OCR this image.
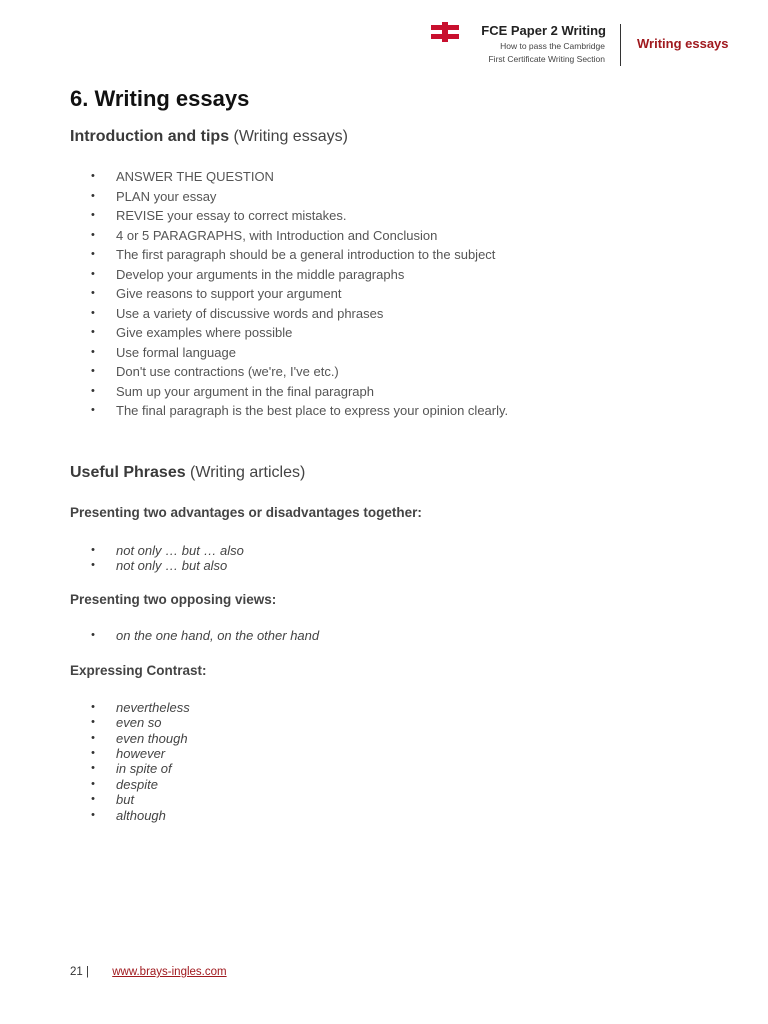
FCE Paper 2 Writing
How to pass the Cambridge
First Certificate Writing Section
Writing essays
6. Writing essays
Introduction and tips (Writing essays)
• ANSWER THE QUESTION
• PLAN your essay
• REVISE your essay to correct mistakes.
• 4 or 5 PARAGRAPHS, with Introduction and Conclusion
• The first paragraph should be a general introduction to the subject
• Develop your arguments in the middle paragraphs
• Give reasons to support your argument
• Use a variety of discussive words and phrases
• Give examples where possible
• Use formal language
• Don't use contractions (we're, I've etc.)
• Sum up your argument in the final paragraph
• The final paragraph is the best place to express your opinion clearly.
Useful Phrases (Writing articles)
Presenting two advantages or disadvantages together:
• not only … but … also
• not only … but also
Presenting two opposing views:
• on the one hand, on the other hand
Expressing Contrast:
• nevertheless
• even so
• even though
• however
• in spite of
• despite
• but
• although
21 | www.brays-ingles.com
